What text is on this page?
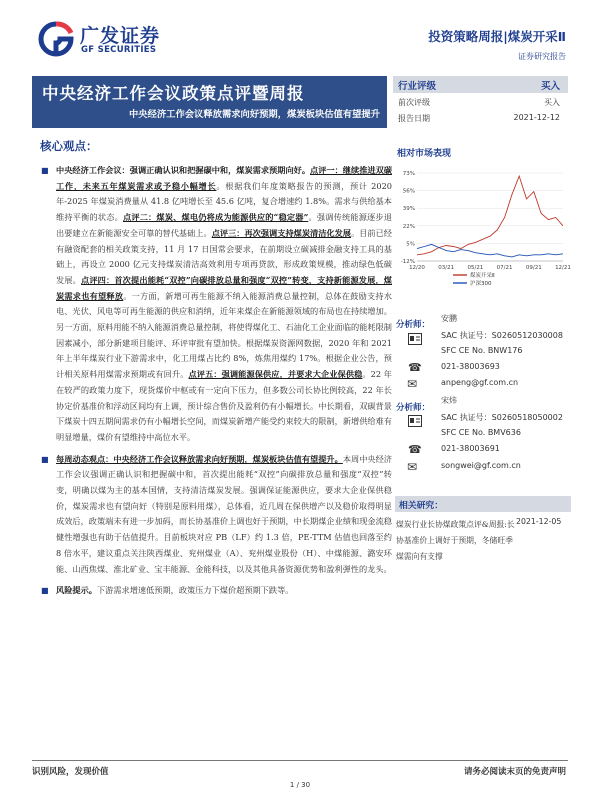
广发证券
GF SECURITIES
投资策略周报|煤炭开采Ⅱ
证券研究报告
中央经济工作会议政策点评暨周报
中央经济工作会议释放需求向好预期，煤炭板块估值有望提升
行业评级	买入
前次评级	买入
报告日期	2021-12-12
核心观点：

■ 中央经济工作会议：强调正确认识和把握碳中和，煤炭需求预期向好。点评一：继续推进双碳工作，未来五年煤炭需求或予稳小幅增长。根据我们年度策略报告的预测，预计 2020 年-2025 年煤炭消费量从 41.8 亿吨增长至 45.6 亿吨，复合增速约 1.8%。需求与供给基本维持平衡的状态。点评二：煤炭、煤电仍将成为能源供应的“稳定器”。强调传统能源逐步退出要建立在新能源安全可靠的替代基础上。点评三：再次强调支持煤炭清洁化发展。目前已经有融资配套的相关政策支持，11 月 17 日国常会要求，在前期设立碳减排金融支持工具的基础上，再设立 2000 亿元支持煤炭清洁高效利用专项再贷款，形成政策规模，推动绿色低碳发展。点评四：首次提出能耗“双控”向碳排放总量和强度“双控”转变，支持新能源发展，煤炭需求也有望释放。一方面，新增可再生能源不纳入能源消费总量控制，总体在鼓励支持水电、光伏、风电等可再生能源的供应和消纳，近年来煤企在新能源领域的布局也在持续增加。另一方面，原料用能不纳入能源消费总量控制，将使得煤化工、石油化工企业面临的能耗限制因素减小，部分新建项目能评、环评审批有望加快。根据煤炭资源网数据，2020 年和 2021 年上半年煤炭行业下游需求中，化工用煤占比约 8%，炼焦用煤约 17%。根据企业公告，预计相关原料用煤需求预期或有回升。点评五：强调能源保供应，并要求大企业保供稳。22 年在较严的政策力度下，现货煤价中枢或有一定向下压力，但多数公司长协比例较高，22 年长协定价基准价和浮动区间均有上调，预计综合售价及盈利仍有小幅增长。中长期看，双碳背景下煤炭十四五期间需求仍有小幅增长空间，而煤炭新增产能受约束较大的限制，新增供给难有明显增量，煤价有望维持中高位水平。

■ 每周动态观点：中央经济工作会议释放需求向好预期，煤炭板块估值有望提升。本周中央经济工作会议强调正确认识和把握碳中和，首次提出能耗“双控”向碳排放总量和强度“双控”转变，明确以煤为主的基本国情，支持清洁煤炭发展。强调保证能源供应，要求大企业保供稳价，煤炭需求也有望向好（特别是原料用煤），总体看，近几周在保供增产以及稳价取得明显成效后，政策端未有进一步加码，而长协基准价上调也好于预期，中长期煤企业绩和现金流稳健性增强也有助于估值提升。目前板块对应 PB（LF）约 1.3 倍，PE-TTM 估值也回落至约 8 倍水平，建议重点关注陕西煤业、兖州煤业（A）、兖州煤业股份（H）、中煤能源、潞安环能、山西焦煤、淮北矿业、宝丰能源、金能科技，以及其他具备资源优势和盈利弹性的龙头。

■ 风险提示。下游需求增速低预期，政策压力下煤价超预期下跌等。

相对市场表现
-12%
5%
22%
39%
56%
73%
12/20 03/21 05/21 07/21 09/21 12/21
煤炭开采Ⅱ
沪深300
分析师：
安鹏
SAC 执证号：S0260512030008
SFC CE No. BNW176
☎ 021-38003693
✉	anpeng@gf.com.cn
分析师：
宋炜
SAC 执证号：S0260518050002
SFC CE No. BMV636
☎ 021-38003691
✉	songwei@gf.com.cn
相关研究：
煤炭行业长协煤政策点评&周报:长协基准价上调好于预期，冬储旺季煤需向有支撑
2021-12-05
识别风险，发现价值	请务必阅读末页的免责声明
1 / 30
